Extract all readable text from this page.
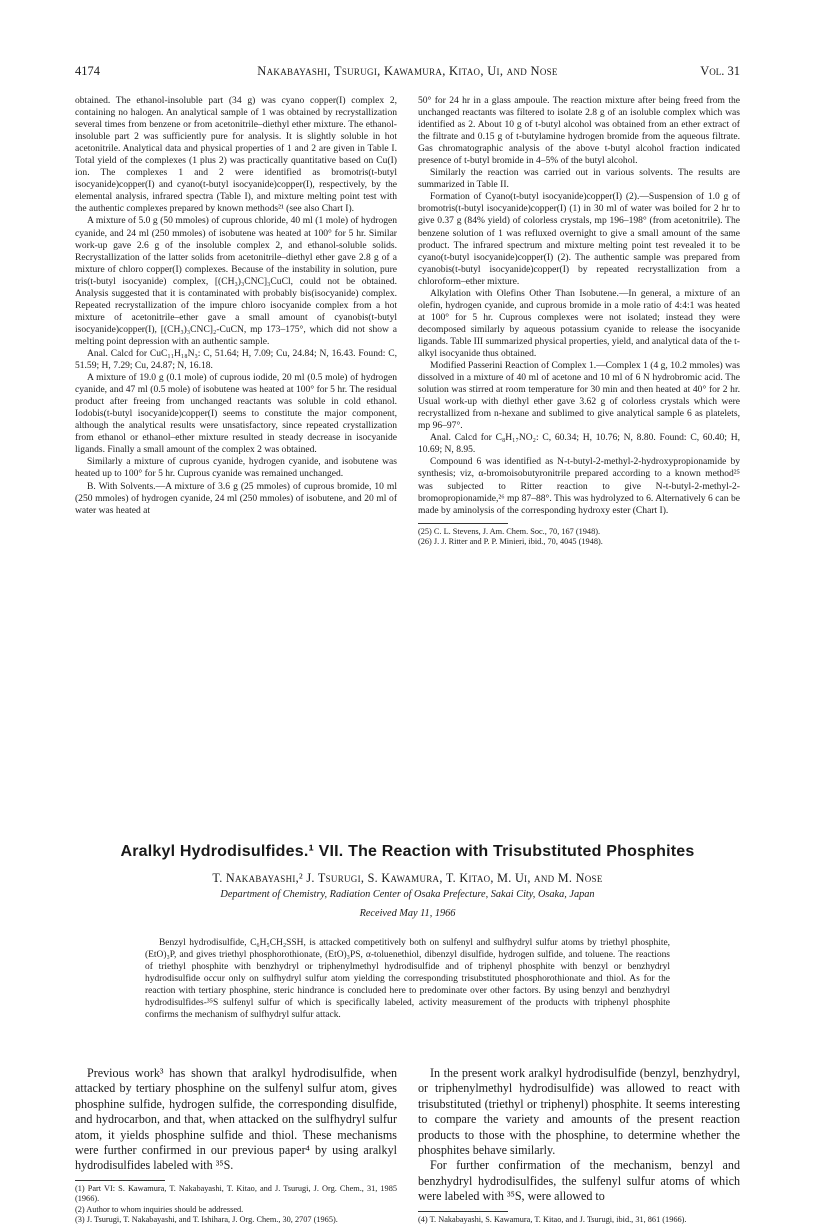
4174	Nakabayashi, Tsurugi, Kawamura, Kitao, Ui, and Nose	Vol. 31

obtained. The ethanol-insoluble part (34 g) was cyano copper(I) complex 2, containing no halogen. An analytical sample of 1 was obtained by recrystallization several times from benzene or from acetonitrile–diethyl ether mixture. The ethanol-insoluble part 2 was sufficiently pure for analysis. It is slightly soluble in hot acetonitrile. Analytical data and physical properties of 1 and 2 are given in Table I. Total yield of the complexes (1 plus 2) was practically quantitative based on Cu(I) ion. The complexes 1 and 2 were identified as bromotris(t-butyl isocyanide)copper(I) and cyano(t-butyl isocyanide)copper(I), respectively, by the elemental analysis, infrared spectra (Table I), and mixture melting point test with the authentic complexes prepared by known methods²¹ (see also Chart I).

A mixture of 5.0 g (50 mmoles) of cuprous chloride, 40 ml (1 mole) of hydrogen cyanide, and 24 ml (250 mmoles) of isobutene was heated at 100° for 5 hr. Similar work-up gave 2.6 g of the insoluble complex 2, and ethanol-soluble solids. Recrystallization of the latter solids from acetonitrile–diethyl ether gave 2.8 g of a mixture of chloro copper(I) complexes. Because of the instability in solution, pure tris(t-butyl isocyanide) complex, [(CH₃)₃CNC]₃CuCl, could not be obtained. Analysis suggested that it is contaminated with probably bis(isocyanide) complex. Repeated recrystallization of the impure chloro isocyanide complex from a hot mixture of acetonitrile–ether gave a small amount of cyanobis(t-butyl isocyanide)copper(I), [(CH₃)₃CNC]₂-CuCN, mp 173–175°, which did not show a melting point depression with an authentic sample.

Anal. Calcd for CuC₁₁H₁₈N₃: C, 51.64; H, 7.09; Cu, 24.84; N, 16.43. Found: C, 51.59; H, 7.29; Cu, 24.87; N, 16.18.

A mixture of 19.0 g (0.1 mole) of cuprous iodide, 20 ml (0.5 mole) of hydrogen cyanide, and 47 ml (0.5 mole) of isobutene was heated at 100° for 5 hr. The residual product after freeing from unchanged reactants was soluble in cold ethanol. Iodobis(t-butyl isocyanide)copper(I) seems to constitute the major component, although the analytical results were unsatisfactory, since repeated crystallization from ethanol or ethanol–ether mixture resulted in steady decrease in isocyanide ligands. Finally a small amount of the complex 2 was obtained.

Similarly a mixture of cuprous cyanide, hydrogen cyanide, and isobutene was heated up to 100° for 5 hr. Cuprous cyanide was remained unchanged.

B. With Solvents.—A mixture of 3.6 g (25 mmoles) of cuprous bromide, 10 ml (250 mmoles) of hydrogen cyanide, 24 ml (250 mmoles) of isobutene, and 20 ml of water was heated at

50° for 24 hr in a glass ampoule. The reaction mixture after being freed from the unchanged reactants was filtered to isolate 2.8 g of an isoluble complex which was identified as 2. About 10 g of t-butyl alcohol was obtained from an ether extract of the filtrate and 0.15 g of t-butylamine hydrogen bromide from the aqueous filtrate. Gas chromatographic analysis of the above t-butyl alcohol fraction indicated presence of t-butyl bromide in 4–5% of the butyl alcohol.

Similarly the reaction was carried out in various solvents. The results are summarized in Table II.

Formation of Cyano(t-butyl isocyanide)copper(I) (2).—Suspension of 1.0 g of bromotris(t-butyl isocyanide)copper(I) (1) in 30 ml of water was boiled for 2 hr to give 0.37 g (84% yield) of colorless crystals, mp 196–198° (from acetonitrile). The benzene solution of 1 was refluxed overnight to give a small amount of the same product. The infrared spectrum and mixture melting point test revealed it to be cyano(t-butyl isocyanide)copper(I) (2). The authentic sample was prepared from cyanobis(t-butyl isocyanide)copper(I) by repeated recrystallization from a chloroform–ether mixture.

Alkylation with Olefins Other Than Isobutene.—In general, a mixture of an olefin, hydrogen cyanide, and cuprous bromide in a mole ratio of 4:4:1 was heated at 100° for 5 hr. Cuprous complexes were not isolated; instead they were decomposed similarly by aqueous potassium cyanide to release the isocyanide ligands. Table III summarized physical properties, yield, and analytical data of the t-alkyl isocyanide thus obtained.

Modified Passerini Reaction of Complex 1.—Complex 1 (4 g, 10.2 mmoles) was dissolved in a mixture of 40 ml of acetone and 10 ml of 6 N hydrobromic acid. The solution was stirred at room temperature for 30 min and then heated at 40° for 2 hr. Usual work-up with diethyl ether gave 3.62 g of colorless crystals which were recrystallized from n-hexane and sublimed to give analytical sample 6 as platelets, mp 96–97°.

Anal. Calcd for C₈H₁₇NO₂: C, 60.34; H, 10.76; N, 8.80. Found: C, 60.40; H, 10.69; N, 8.95.

Compound 6 was identified as N-t-butyl-2-methyl-2-hydroxypropionamide by synthesis; viz, α-bromoisobutyronitrile prepared according to a known method²⁵ was subjected to Ritter reaction to give N-t-butyl-2-methyl-2-bromopropionamide,²⁶ mp 87–88°. This was hydrolyzed to 6. Alternatively 6 can be made by aminolysis of the corresponding hydroxy ester (Chart I).

(25) C. L. Stevens, J. Am. Chem. Soc., 70, 167 (1948).

(26) J. J. Ritter and P. P. Minieri, ibid., 70, 4045 (1948).

Aralkyl Hydrodisulfides.¹ VII. The Reaction with Trisubstituted Phosphites
T. Nakabayashi,² J. Tsurugi, S. Kawamura, T. Kitao, M. Ui, and M. Nose
Department of Chemistry, Radiation Center of Osaka Prefecture, Sakai City, Osaka, Japan
Received May 11, 1966

Benzyl hydrodisulfide, C₆H₅CH₂SSH, is attacked competitively both on sulfenyl and sulfhydryl sulfur atoms by triethyl phosphite, (EtO)₃P, and gives triethyl phosphorothionate, (EtO)₃PS, α-toluenethiol, dibenzyl disulfide, hydrogen sulfide, and toluene. The reactions of triethyl phosphite with benzhydryl or triphenylmethyl hydrodisulfide and of triphenyl phosphite with benzyl or benzhydryl hydrodisulfide occur only on sulfhydryl sulfur atom yielding the corresponding trisubstituted phosphorothionate and thiol. As for the reaction with tertiary phosphine, steric hindrance is concluded here to predominate over other factors. By using benzyl and benzhydryl hydrodisulfides-³⁵S sulfenyl sulfur of which is specifically labeled, activity measurement of the products with triphenyl phosphite confirms the mechanism of sulfhydryl sulfur attack.

Previous work³ has shown that aralkyl hydrodisulfide, when attacked by tertiary phosphine on the sulfenyl sulfur atom, gives phosphine sulfide, hydrogen sulfide, the corresponding disulfide, and hydrocarbon, and that, when attacked on the sulfhydryl sulfur atom, it yields phosphine sulfide and thiol. These mechanisms were further confirmed in our previous paper⁴ by using aralkyl hydrodisulfides labeled with ³⁵S.

(1) Part VI: S. Kawamura, T. Nakabayashi, T. Kitao, and J. Tsurugi, J. Org. Chem., 31, 1985 (1966).

(2) Author to whom inquiries should be addressed.

(3) J. Tsurugi, T. Nakabayashi, and T. Ishihara, J. Org. Chem., 30, 2707 (1965).

In the present work aralkyl hydrodisulfide (benzyl, benzhydryl, or triphenylmethyl hydrodisulfide) was allowed to react with trisubstituted (triethyl or triphenyl) phosphite. It seems interesting to compare the variety and amounts of the present reaction products to those with the phosphine, to determine whether the phosphites behave similarly.

For further confirmation of the mechanism, benzyl and benzhydryl hydrodisulfides, the sulfenyl sulfur atoms of which were labeled with ³⁵S, were allowed to

(4) T. Nakabayashi, S. Kawamura, T. Kitao, and J. Tsurugi, ibid., 31, 861 (1966).
